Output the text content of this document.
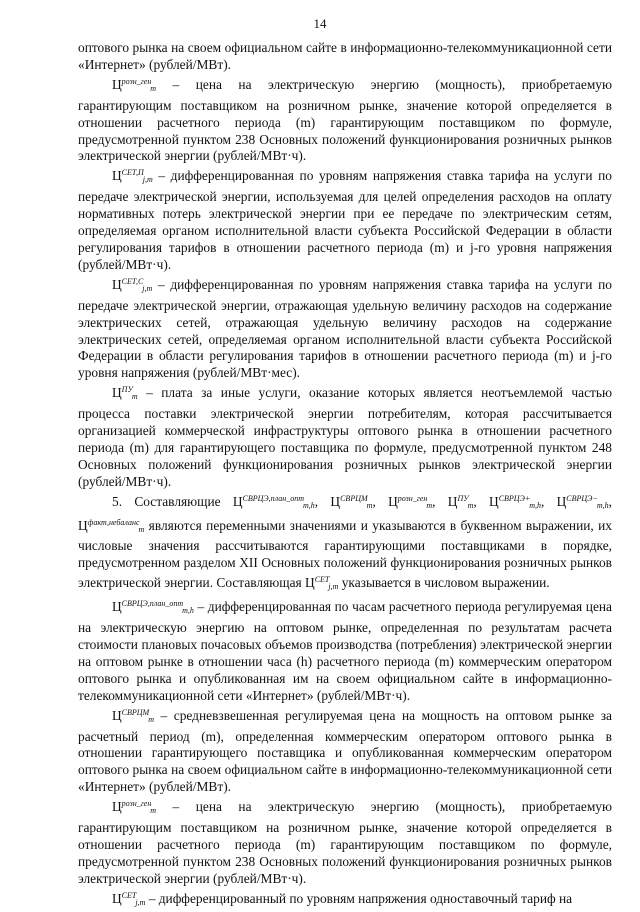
14

оптового рынка на своем официальном сайте в информационно-телекоммуникационной сети «Интернет» (рублей/МВт).

$Ц^{розн\_ген}_m$ – цена на электрическую энергию (мощность), приобретаемую гарантирующим поставщиком на розничном рынке, значение которой определяется в отношении расчетного периода (m) гарантирующим поставщиком по формуле, предусмотренной пунктом 238 Основных положений функционирования розничных рынков электрической энергии (рублей/МВт·ч).

$Ц^{СЕТ,П}_{j,m}$ – дифференцированная по уровням напряжения ставка тарифа на услуги по передаче электрической энергии, используемая для целей определения расходов на оплату нормативных потерь электрической энергии при ее передаче по электрическим сетям, определяемая органом исполнительной власти субъекта Российской Федерации в области регулирования тарифов в отношении расчетного периода (m) и j-го уровня напряжения (рублей/МВт·ч).

$Ц^{СЕТ,С}_{j,m}$ – дифференцированная по уровням напряжения ставка тарифа на услуги по передаче электрической энергии, отражающая удельную величину расходов на содержание электрических сетей, отражающая удельную величину расходов на содержание электрических сетей, определяемая органом исполнительной власти субъекта Российской Федерации в области регулирования тарифов в отношении расчетного периода (m) и j-го уровня напряжения (рублей/МВт·мес).

$Ц^{ПУ}_m$ – плата за иные услуги, оказание которых является неотъемлемой частью процесса поставки электрической энергии потребителям, которая рассчитывается организацией коммерческой инфраструктуры оптового рынка в отношении расчетного периода (m) для гарантирующего поставщика по формуле, предусмотренной пунктом 248 Основных положений функционирования розничных рынков электрической энергии (рублей/МВт·ч).

5. Составляющие $Ц^{СВРЦЭ,план\_опт}_{m,h}$, $Ц^{СВРЦМ}_m$, $Ц^{розн\_ген}_m$, $Ц^{ПУ}_m$, $Ц^{СВРЦЭ+}_{m,h}$, $Ц^{СВРЦЭ-}_{m,h}$, $Ц^{факт,небаланс}_m$ являются переменными значениями и указываются в буквенном выражении, их числовые значения рассчитываются гарантирующими поставщиками в порядке, предусмотренном разделом XII Основных положений функционирования розничных рынков электрической энергии. Составляющая $Ц^{СЕТ}_{j,m}$ указывается в числовом выражении.

$Ц^{СВРЦЭ,план\_опт}_{m,h}$ – дифференцированная по часам расчетного периода регулируемая цена на электрическую энергию на оптовом рынке, определенная по результатам расчета стоимости плановых почасовых объемов производства (потребления) электрической энергии на оптовом рынке в отношении часа (h) расчетного периода (m) коммерческим оператором оптового рынка и опубликованная им на своем официальном сайте в информационно-телекоммуникационной сети «Интернет» (рублей/МВт·ч).

$Ц^{СВРЦМ}_m$ – средневзвешенная регулируемая цена на мощность на оптовом рынке за расчетный период (m), определенная коммерческим оператором оптового рынка в отношении гарантирующего поставщика и опубликованная коммерческим оператором оптового рынка на своем официальном сайте в информационно-телекоммуникационной сети «Интернет» (рублей/МВт).

$Ц^{розн\_ген}_m$ – цена на электрическую энергию (мощность), приобретаемую гарантирующим поставщиком на розничном рынке, значение которой определяется в отношении расчетного периода (m) гарантирующим поставщиком по формуле, предусмотренной пунктом 238 Основных положений функционирования розничных рынков электрической энергии (рублей/МВт·ч).

$Ц^{СЕТ}_{j,m}$ – дифференцированный по уровням напряжения одноставочный тариф на
